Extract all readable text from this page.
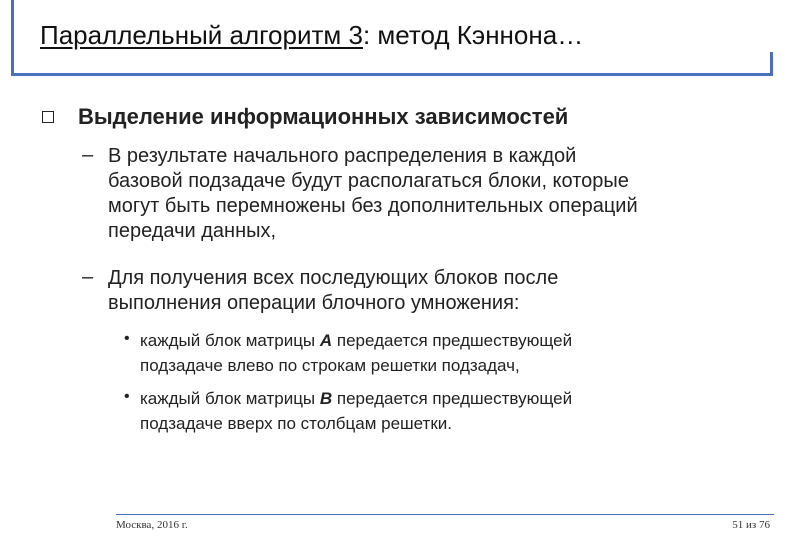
Параллельный алгоритм 3: метод Кэннона…
Выделение информационных зависимостей
– В результате начального распределения в каждой
базовой подзадаче будут располагаться блоки, которые
могут быть перемножены без дополнительных операций
передачи данных,
– Для получения всех последующих блоков после
выполнения операции блочного умножения:
• каждый блок матрицы A передается предшествующей
подзадаче влево по строкам решетки подзадач,
• каждый блок матрицы B передается предшествующей
подзадаче вверх по столбцам решетки.
Москва, 2016 г.	51 из 76
